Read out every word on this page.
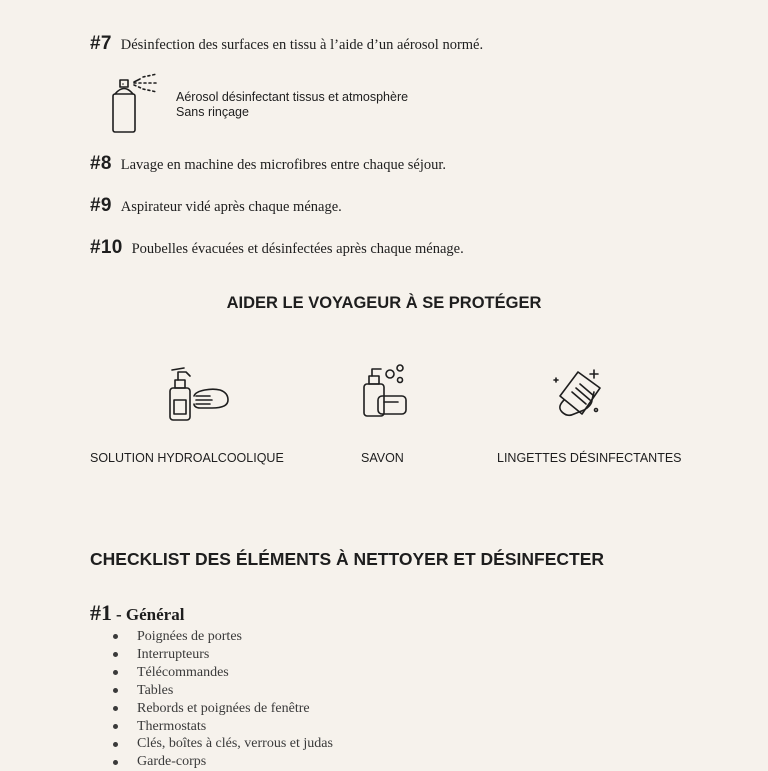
#7 Désinfection des surfaces en tissu à l’aide d’un aérosol normé.
Aérosol désinfectant tissus et atmosphère
Sans rinçage
#8 Lavage en machine des microfibres entre chaque séjour.
#9 Aspirateur vidé après chaque ménage.
#10 Poubelles évacuées et désinfectées après chaque ménage.
AIDER LE VOYAGEUR À SE PROTÉGER
SOLUTION HYDROALCOOLIQUE	SAVON	LINGETTES DÉSINFECTANTES
CHECKLIST DES ÉLÉMENTS À NETTOYER ET DÉSINFECTER
#1 - Général
Poignées de portes
Interrupteurs
Télécommandes
Tables
Rebords et poignées de fenêtre
Thermostats
Clés, boîtes à clés, verrous et judas
Garde-corps
